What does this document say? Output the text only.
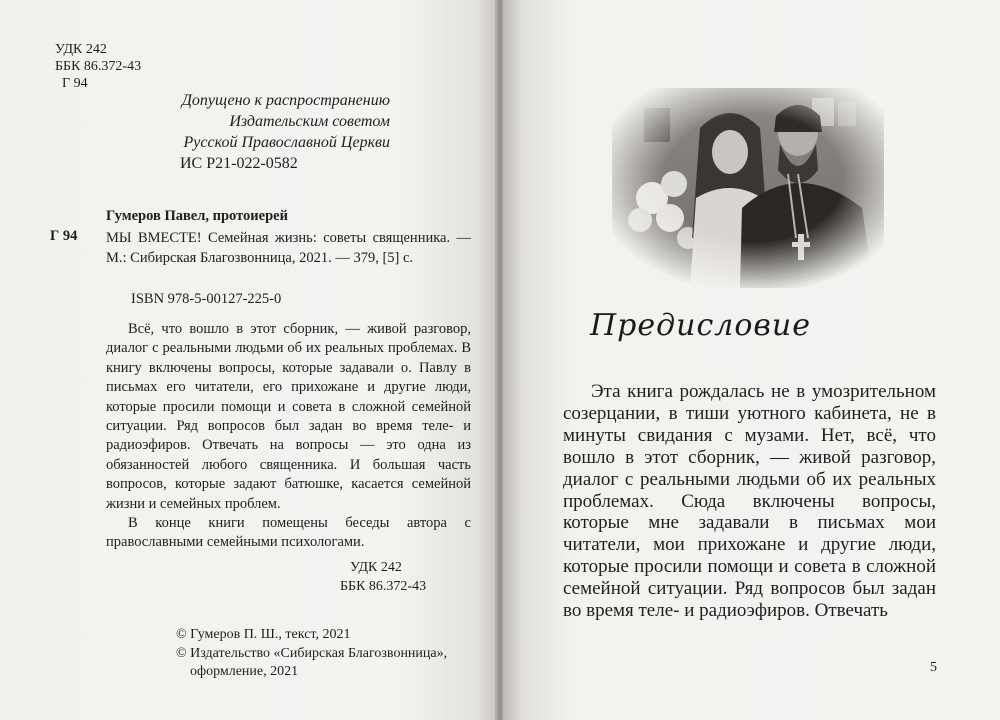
УДК 242
ББК 86.372-43
Г 94
Допущено к распространению
Издательским советом
Русской Православной Церкви
ИС Р21-022-0582
Гумеров Павел, протоиерей
Г 94 МЫ ВМЕСТЕ! Семейная жизнь: советы священника. — М.: Сибирская Благозвонница, 2021. — 379, [5] с.
ISBN 978-5-00127-225-0

Всё, что вошло в этот сборник, — живой разговор, диалог с реальными людьми об их реальных проблемах. В книгу включены вопросы, которые задавали о. Павлу в письмах его читатели, его прихожане и другие люди, которые просили помощи и совета в сложной семейной ситуации. Ряд вопросов был задан во время теле- и радиоэфиров. Отвечать на вопросы — это одна из обязанностей любого священника. И большая часть вопросов, которые задают батюшке, касается семейной жизни и семейных проблем.

В конце книги помещены беседы автора с православными семейными психологами.

УДК 242
ББК 86.372-43
© Гумеров П. Ш., текст, 2021
© Издательство «Сибирская Благозвонница»,
оформление, 2021
Предисловие

Эта книга рождалась не в умозрительном созерцании, в тиши уютного кабинета, не в минуты свидания с музами. Нет, всё, что вошло в этот сборник, — живой разговор, диалог с реальными людьми об их реальных проблемах. Сюда включены вопросы, которые мне задавали в письмах мои читатели, мои прихожане и другие люди, которые просили помощи и совета в сложной семейной ситуации. Ряд вопросов был задан во время теле- и радиоэфиров. Отвечать

5
